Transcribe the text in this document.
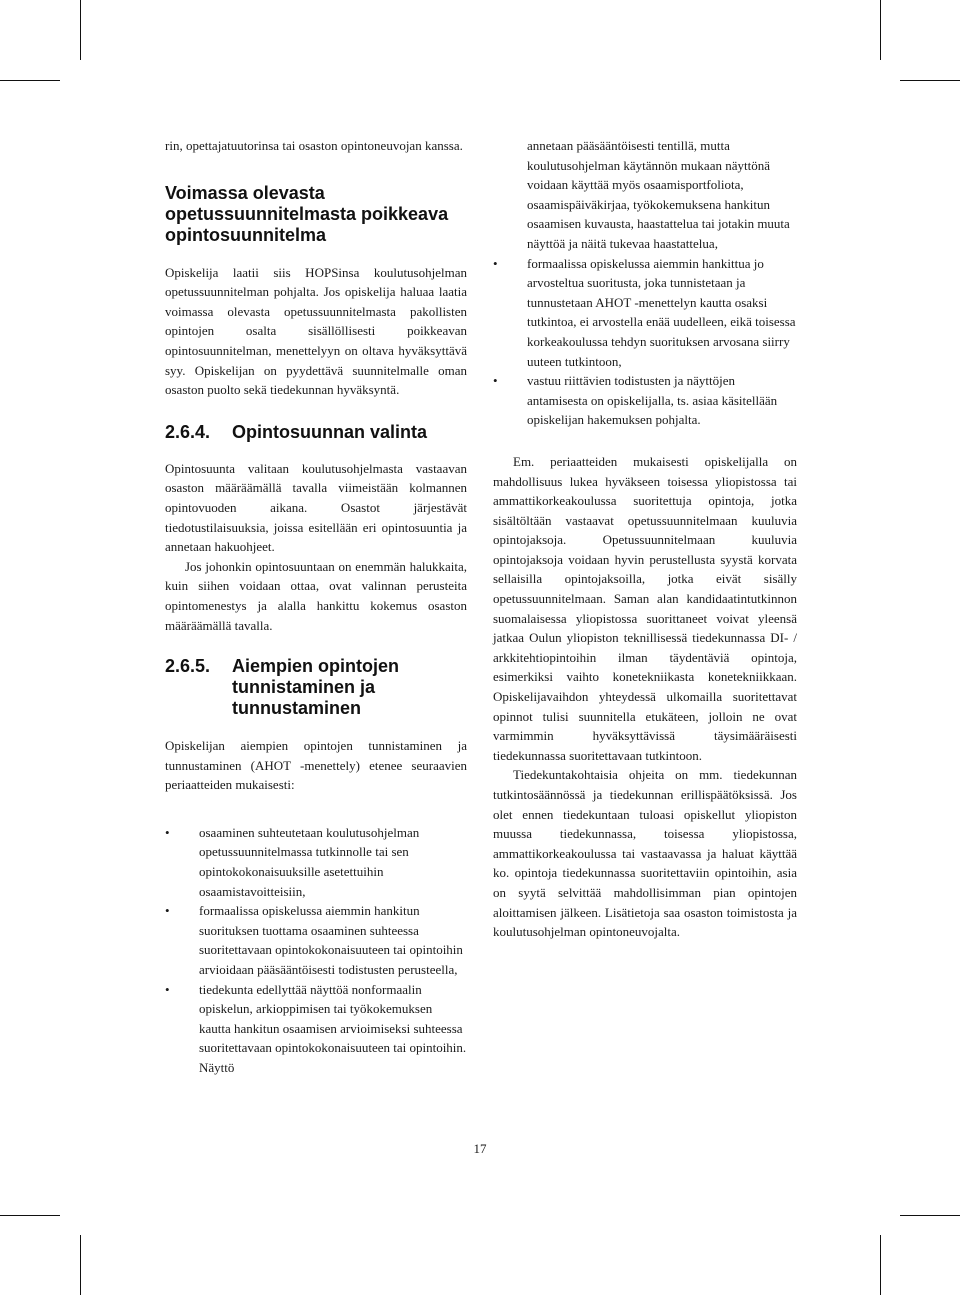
rin, opettajatuutorinsa tai osaston opintoneuvojan kanssa.

Voimassa olevasta opetussuunnitelmasta poikkeava opintosuunnitelma

Opiskelija laatii siis HOPSinsa koulutusohjelman opetussuunnitelman pohjalta. Jos opiskelija haluaa laatia voimassa olevasta opetussuunnitelmasta pakollisten opintojen osalta sisällöllisesti poikkeavan opintosuunnitelman, menettelyyn on oltava hyväksyttävä syy. Opiskelijan on pyydettävä suunnitelmalle oman osaston puolto sekä tiedekunnan hyväksyntä.

2.6.4.	Opintosuunnan valinta

Opintosuunta valitaan koulutusohjelmasta vastaavan osaston määräämällä tavalla viimeistään kolmannen opintovuoden aikana. Osastot järjestävät tiedotustilaisuuksia, joissa esitellään eri opintosuuntia ja annetaan hakuohjeet.

Jos johonkin opintosuuntaan on enemmän halukkaita, kuin siihen voidaan ottaa, ovat valinnan perusteita opintomenestys ja alalla hankittu kokemus osaston määräämällä tavalla.

2.6.5.	Aiempien opintojen tunnistaminen ja tunnustaminen

Opiskelijan aiempien opintojen tunnistaminen ja tunnustaminen (AHOT -menettely) etenee seuraavien periaatteiden mukaisesti:

• osaaminen suhteutetaan koulutusohjelman opetussuunnitelmassa tutkinnolle tai sen opintokokonaisuuksille asetettuihin osaamistavoitteisiin,
• formaalissa opiskelussa aiemmin hankitun suorituksen tuottama osaaminen suhteessa suoritettavaan opintokokonaisuuteen tai opintoihin arvioidaan pääsääntöisesti todistusten perusteella,
• tiedekunta edellyttää näyttöä nonformaalin opiskelun, arkioppimisen tai työkokemuksen kautta hankitun osaamisen arvioimiseksi suhteessa suoritettavaan opintokokonaisuuteen tai opintoihin. Näyttö
annetaan pääsääntöisesti tentillä, mutta koulutusohjelman käytännön mukaan näyttönä voidaan käyttää myös osaamisportfoliota, osaamispäiväkirjaa, työkokemuksena hankitun osaamisen kuvausta, haastattelua tai jotakin muuta näyttöä ja näitä tukevaa haastattelua,
• formaalissa opiskelussa aiemmin hankittua jo arvosteltua suoritusta, joka tunnistetaan ja tunnustetaan AHOT -menettelyn kautta osaksi tutkintoa, ei arvostella enää uudelleen, eikä toisessa korkeakoulussa tehdyn suorituksen arvosana siirry uuteen tutkintoon,
• vastuu riittävien todistusten ja näyttöjen antamisesta on opiskelijalla, ts. asiaa käsitellään opiskelijan hakemuksen pohjalta.

Em. periaatteiden mukaisesti opiskelijalla on mahdollisuus lukea hyväkseen toisessa yliopistossa tai ammattikorkeakoulussa suoritettuja opintoja, jotka sisältöltään vastaavat opetussuunnitelmaan kuuluvia opintojaksoja. Opetussuunnitelmaan kuuluvia opintojaksoja voidaan hyvin perustellusta syystä korvata sellaisilla opintojaksoilla, jotka eivät sisälly opetussuunnitelmaan. Saman alan kandidaatintutkinnon suomalaisessa yliopistossa suorittaneet voivat yleensä jatkaa Oulun yliopiston teknillisessä tiedekunnassa DI- / arkkitehtiopintoihin ilman täydentäviä opintoja, esimerkiksi vaihto konetekniikasta konetekniikkaan. Opiskelijavaihdon yhteydessä ulkomailla suoritettavat opinnot tulisi suunnitella etukäteen, jolloin ne ovat varmimmin hyväksyttävissä täysimääräisesti tiedekunnassa suoritettavaan tutkintoon.

Tiedekuntakohtaisia ohjeita on mm. tiedekunnan tutkintosäännössä ja tiedekunnan erillispäätöksissä. Jos olet ennen tiedekuntaan tuloasi opiskellut yliopiston muussa tiedekunnassa, toisessa yliopistossa, ammattikorkeakoulussa tai vastaavassa ja haluat käyttää ko. opintoja tiedekunnassa suoritettaviin opintoihin, asia on syytä selvittää mahdollisimman pian opintojen aloittamisen jälkeen. Lisätietoja saa osaston toimistosta ja koulutusohjelman opintoneuvojalta.

17
